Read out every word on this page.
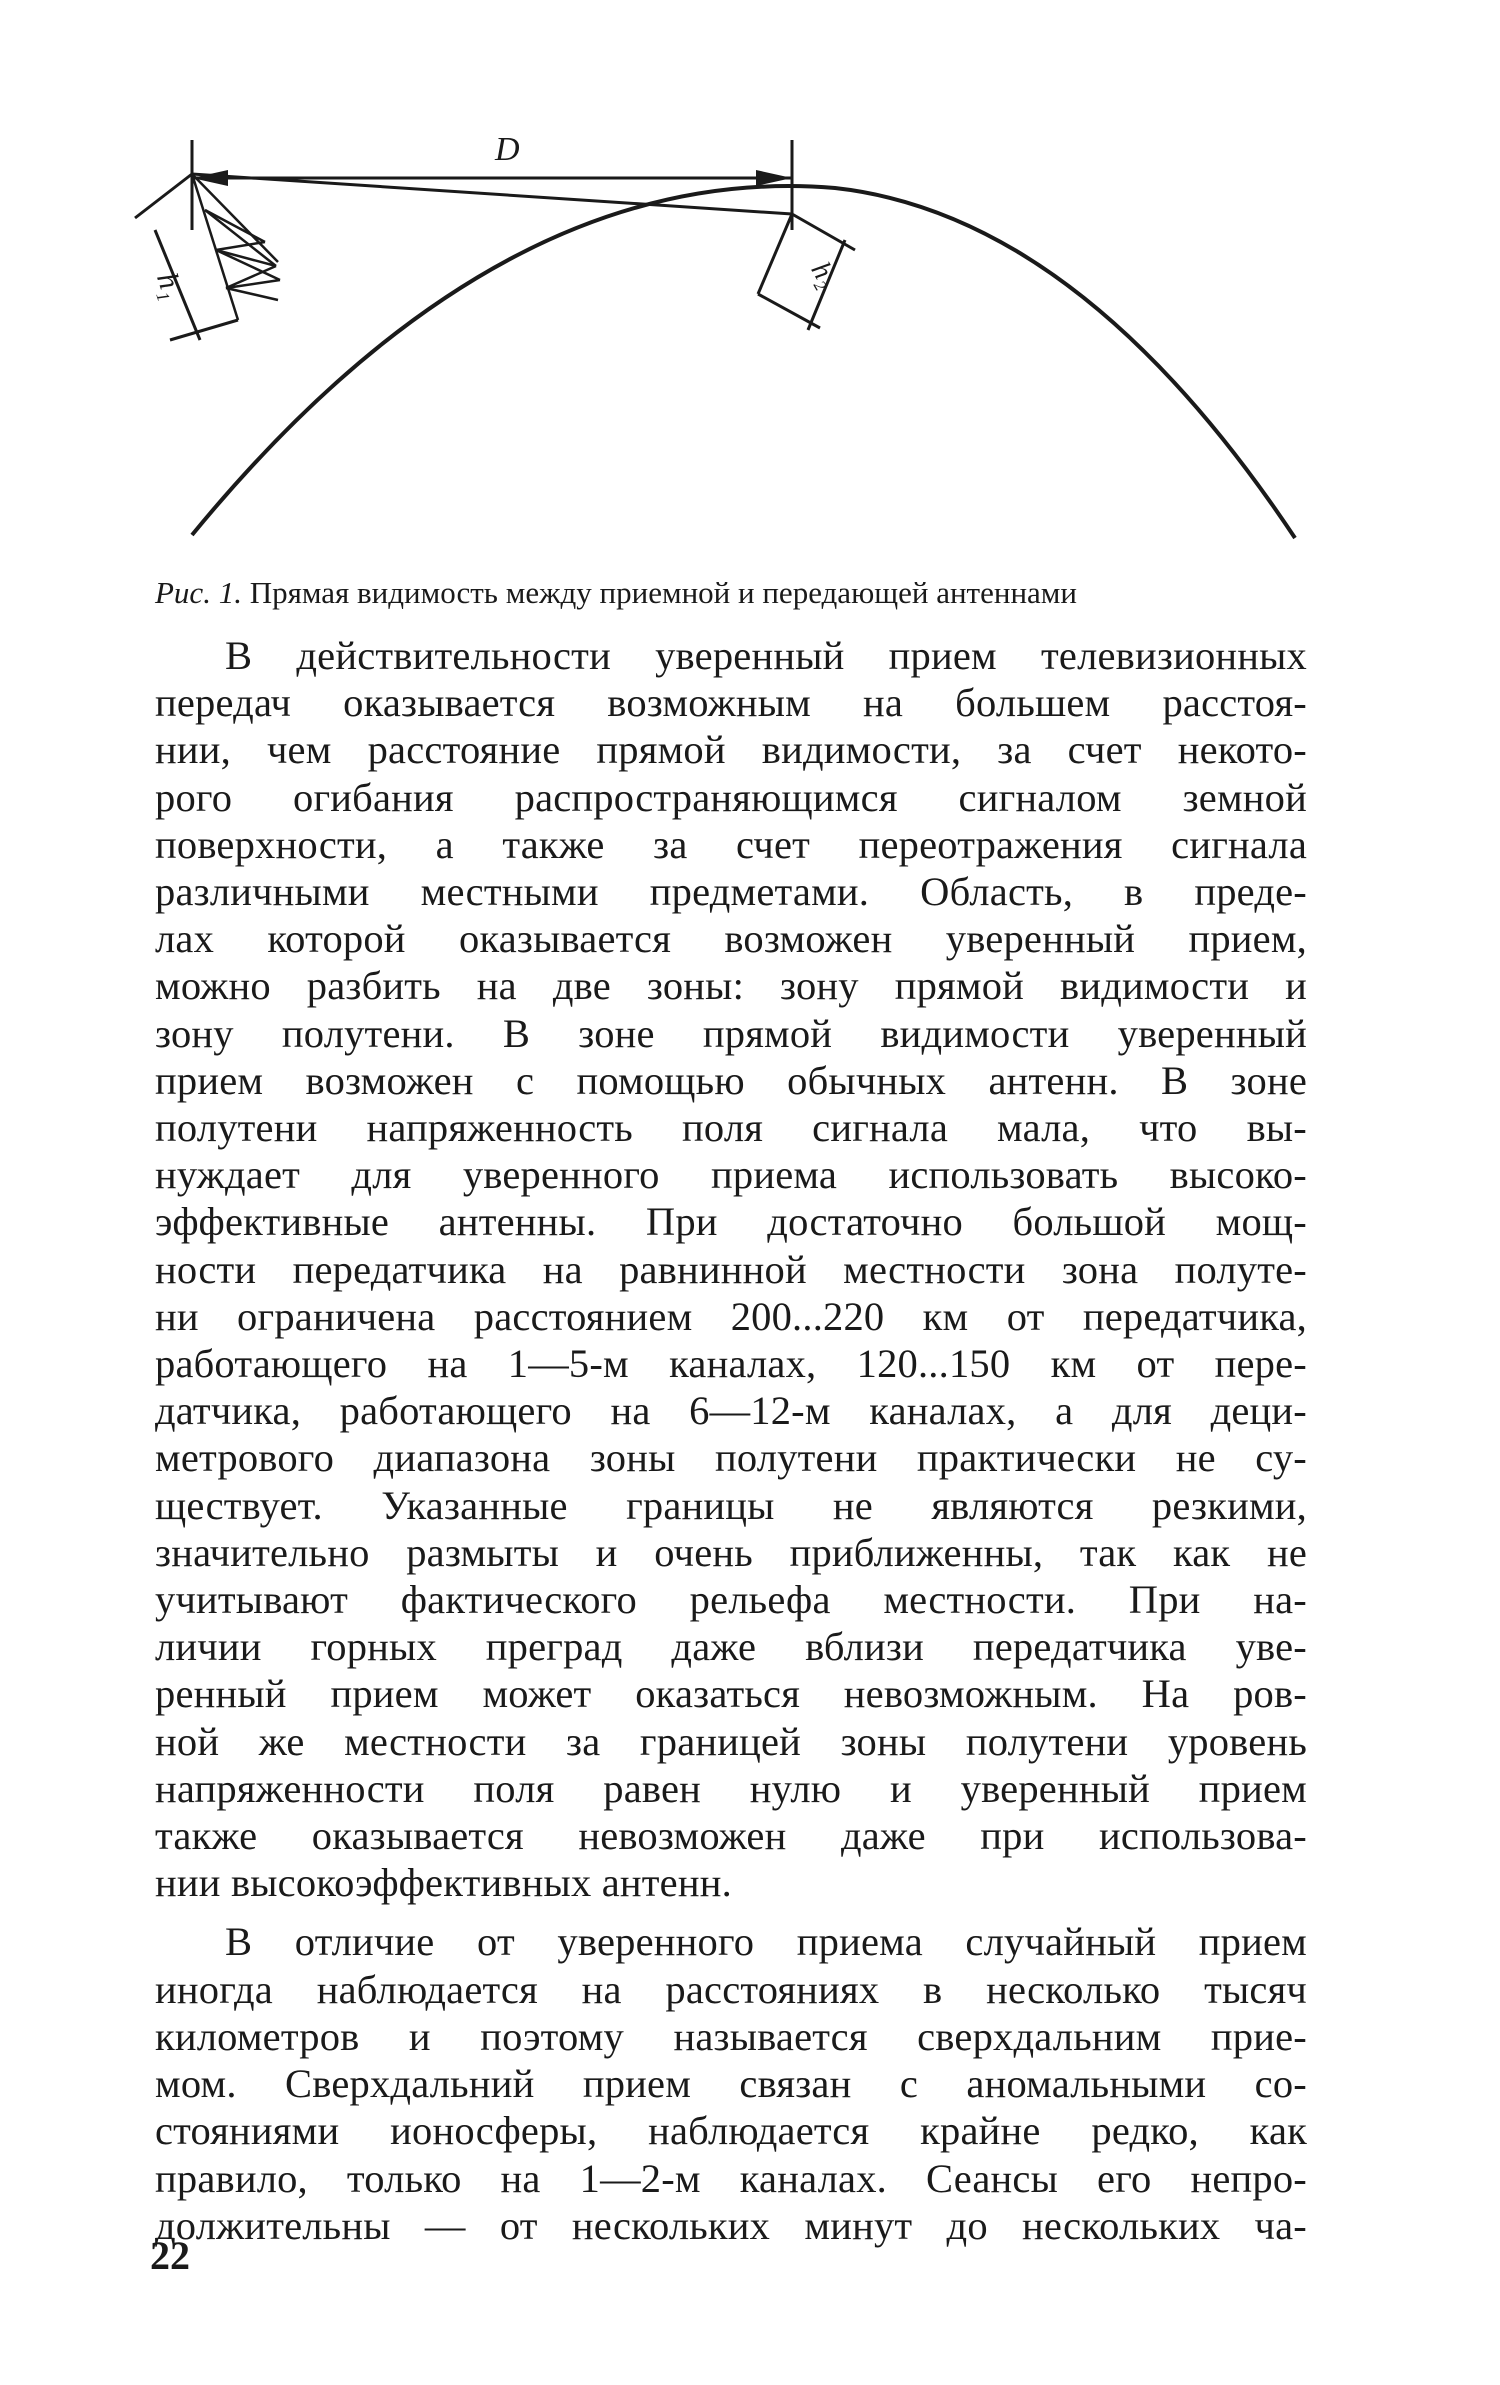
h₁	h₂
D
Рис. 1. Прямая видимость между приемной и передающей антеннами

В действительности уверенный прием телевизионных
передач оказывается возможным на большем расстоя-
нии, чем расстояние прямой видимости, за счет некото-
рого огибания распространяющимся сигналом земной
поверхности, а также за счет переотражения сигнала
различными местными предметами. Область, в преде-
лах которой оказывается возможен уверенный прием,
можно разбить на две зоны: зону прямой видимости и
зону полутени. В зоне прямой видимости уверенный
прием возможен с помощью обычных антенн. В зоне
полутени напряженность поля сигнала мала, что вы-
нуждает для уверенного приема использовать высоко-
эффективные антенны. При достаточно большой мощ-
ности передатчика на равнинной местности зона полуте-
ни ограничена расстоянием 200...220 км от передатчика,
работающего на 1—5-м каналах, 120...150 км от пере-
датчика, работающего на 6—12-м каналах, а для деци-
метрового диапазона зоны полутени практически не су-
ществует. Указанные границы не являются резкими,
значительно размыты и очень приближенны, так как не
учитывают фактического рельефа местности. При на-
личии горных преград даже вблизи передатчика уве-
ренный прием может оказаться невозможным. На ров-
ной же местности за границей зоны полутени уровень
напряженности поля равен нулю и уверенный прием
также оказывается невозможен даже при использова-
нии высокоэффективных антенн.

В отличие от уверенного приема случайный прием
иногда наблюдается на расстояниях в несколько тысяч
километров и поэтому называется сверхдальним прие-
мом. Сверхдальний прием связан с аномальными со-
стояниями ионосферы, наблюдается крайне редко, как
правило, только на 1—2-м каналах. Сеансы его непро-
должительны — от нескольких минут до нескольких ча-

22
